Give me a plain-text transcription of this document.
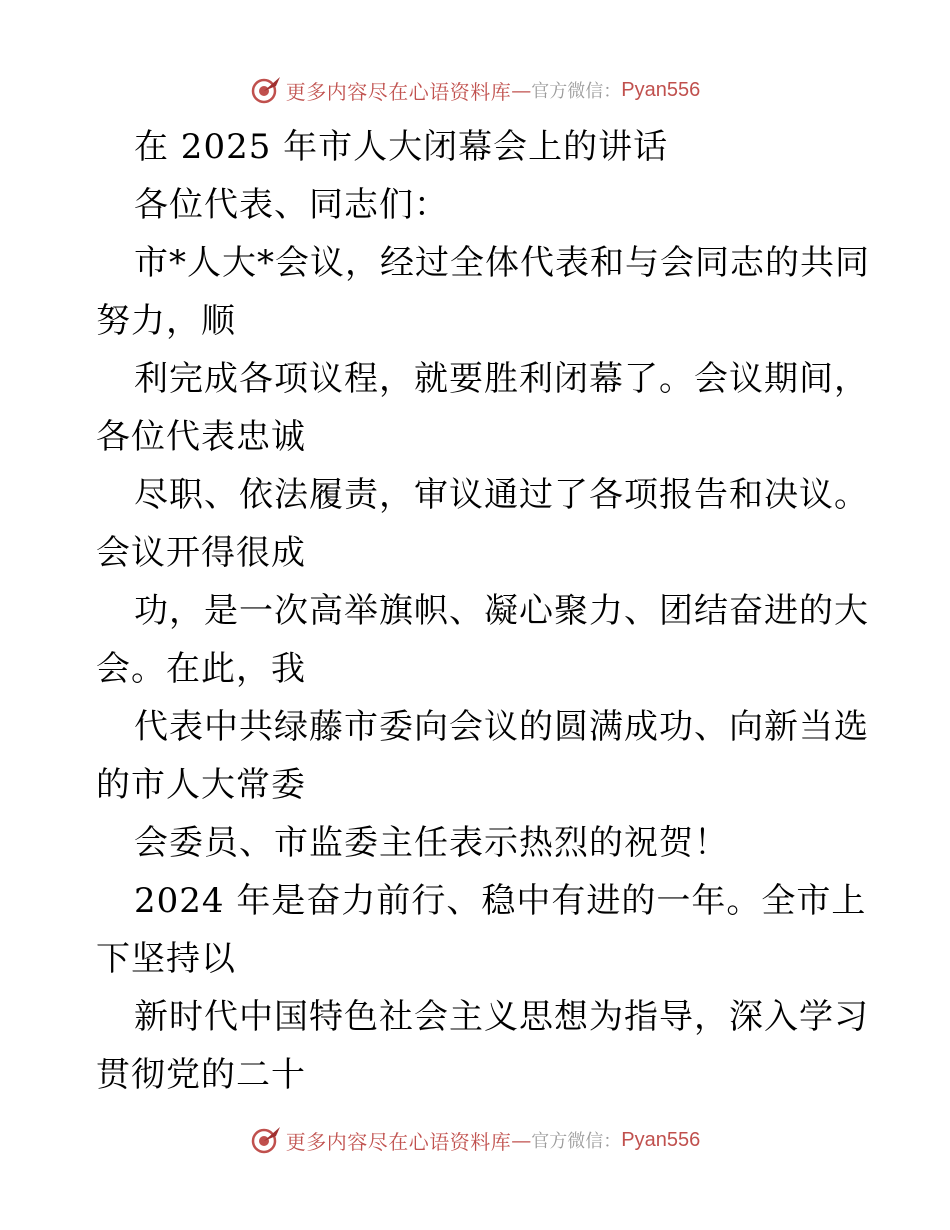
更多内容尽在心语资料库 — 官方微信： Pyan556
在 2025 年市人大闭幕会上的讲话
各位代表、同志们：
市*人大*会议，经过全体代表和与会同志的共同
努力，顺
利完成各项议程，就要胜利闭幕了。会议期间，
各位代表忠诚
尽职、依法履责，审议通过了各项报告和决议。
会议开得很成
功，是一次高举旗帜、凝心聚力、团结奋进的大
会。在此，我
代表中共绿藤市委向会议的圆满成功、向新当选
的市人大常委
会委员、市监委主任表示热烈的祝贺！
2024 年是奋力前行、稳中有进的一年。全市上
下坚持以
新时代中国特色社会主义思想为指导，深入学习
贯彻党的二十
更多内容尽在心语资料库 — 官方微信： Pyan556
